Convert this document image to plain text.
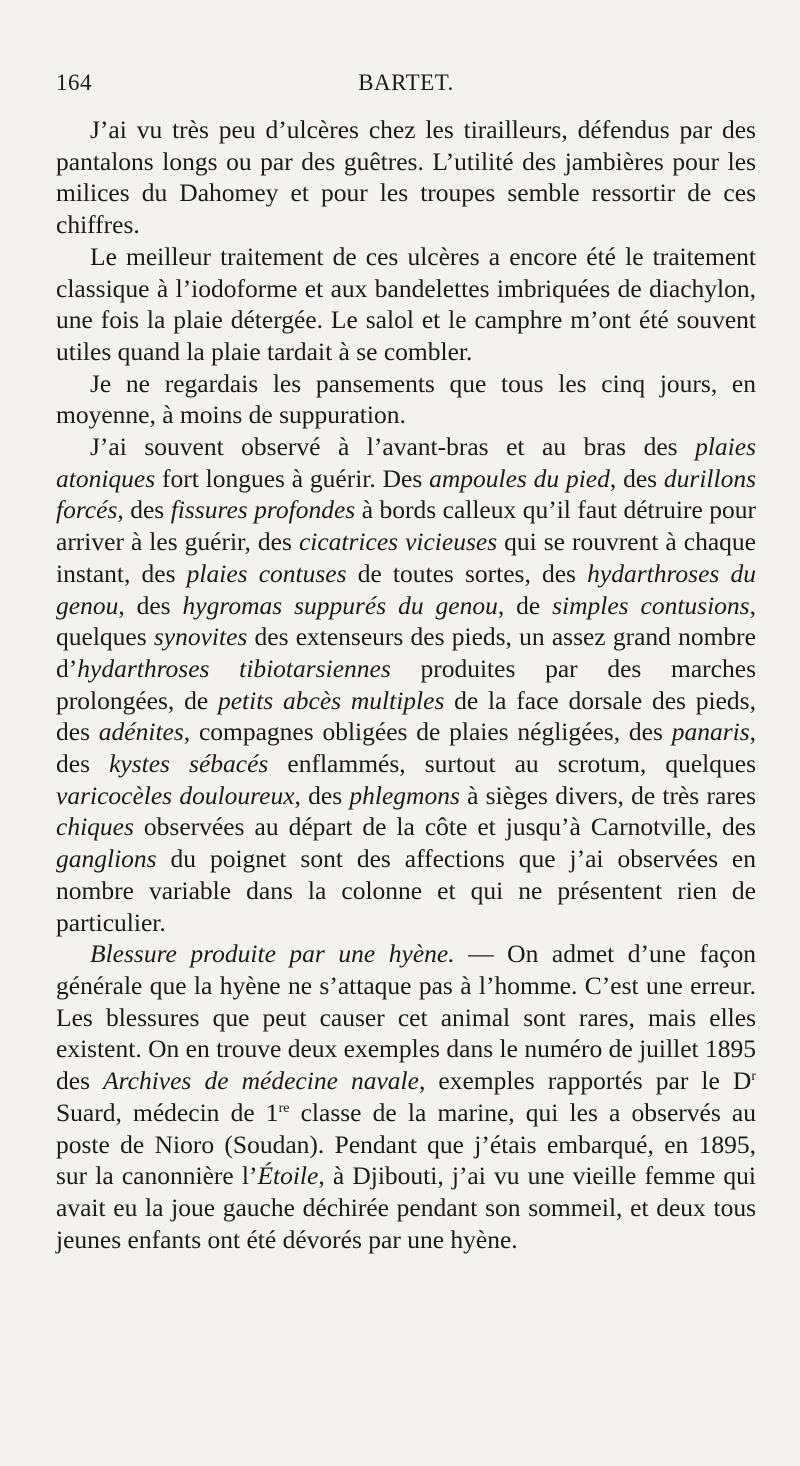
164	BARTET.

J’ai vu très peu d’ulcères chez les tirailleurs, défendus par des pantalons longs ou par des guêtres. L’utilité des jambières pour les milices du Dahomey et pour les troupes semble ressortir de ces chiffres.

Le meilleur traitement de ces ulcères a encore été le traitement classique à l’iodoforme et aux bandelettes imbriquées de diachylon, une fois la plaie détergée. Le salol et le camphre m’ont été souvent utiles quand la plaie tardait à se combler.

Je ne regardais les pansements que tous les cinq jours, en moyenne, à moins de suppuration.

J’ai souvent observé à l’avant-bras et au bras des plaies atoniques fort longues à guérir. Des ampoules du pied, des durillons forcés, des fissures profondes à bords calleux qu’il faut détruire pour arriver à les guérir, des cicatrices vicieuses qui se rouvrent à chaque instant, des plaies contuses de toutes sortes, des hydarthroses du genou, des hygromas suppurés du genou, de simples contusions, quelques synovites des extenseurs des pieds, un assez grand nombre d’hydarthroses tibiotarsiennes produites par des marches prolongées, de petits abcès multiples de la face dorsale des pieds, des adénites, compagnes obligées de plaies négligées, des panaris, des kystes sébacés enflammés, surtout au scrotum, quelques varicocèles douloureux, des phlegmons à sièges divers, de très rares chiques observées au départ de la côte et jusqu’à Carnotville, des ganglions du poignet sont des affections que j’ai observées en nombre variable dans la colonne et qui ne présentent rien de particulier.

Blessure produite par une hyène. — On admet d’une façon générale que la hyène ne s’attaque pas à l’homme. C’est une erreur. Les blessures que peut causer cet animal sont rares, mais elles existent. On en trouve deux exemples dans le numéro de juillet 1895 des Archives de médecine navale, exemples rapportés par le $D^r$ Suard, médecin de 1re classe de la marine, qui les a observés au poste de Nioro (Soudan). Pendant que j’étais embarqué, en 1895, sur la canonnière l’Étoile, à Djibouti, j’ai vu une vieille femme qui avait eu la joue gauche déchirée pendant son sommeil, et deux tous jeunes enfants ont été dévorés par une hyène.
